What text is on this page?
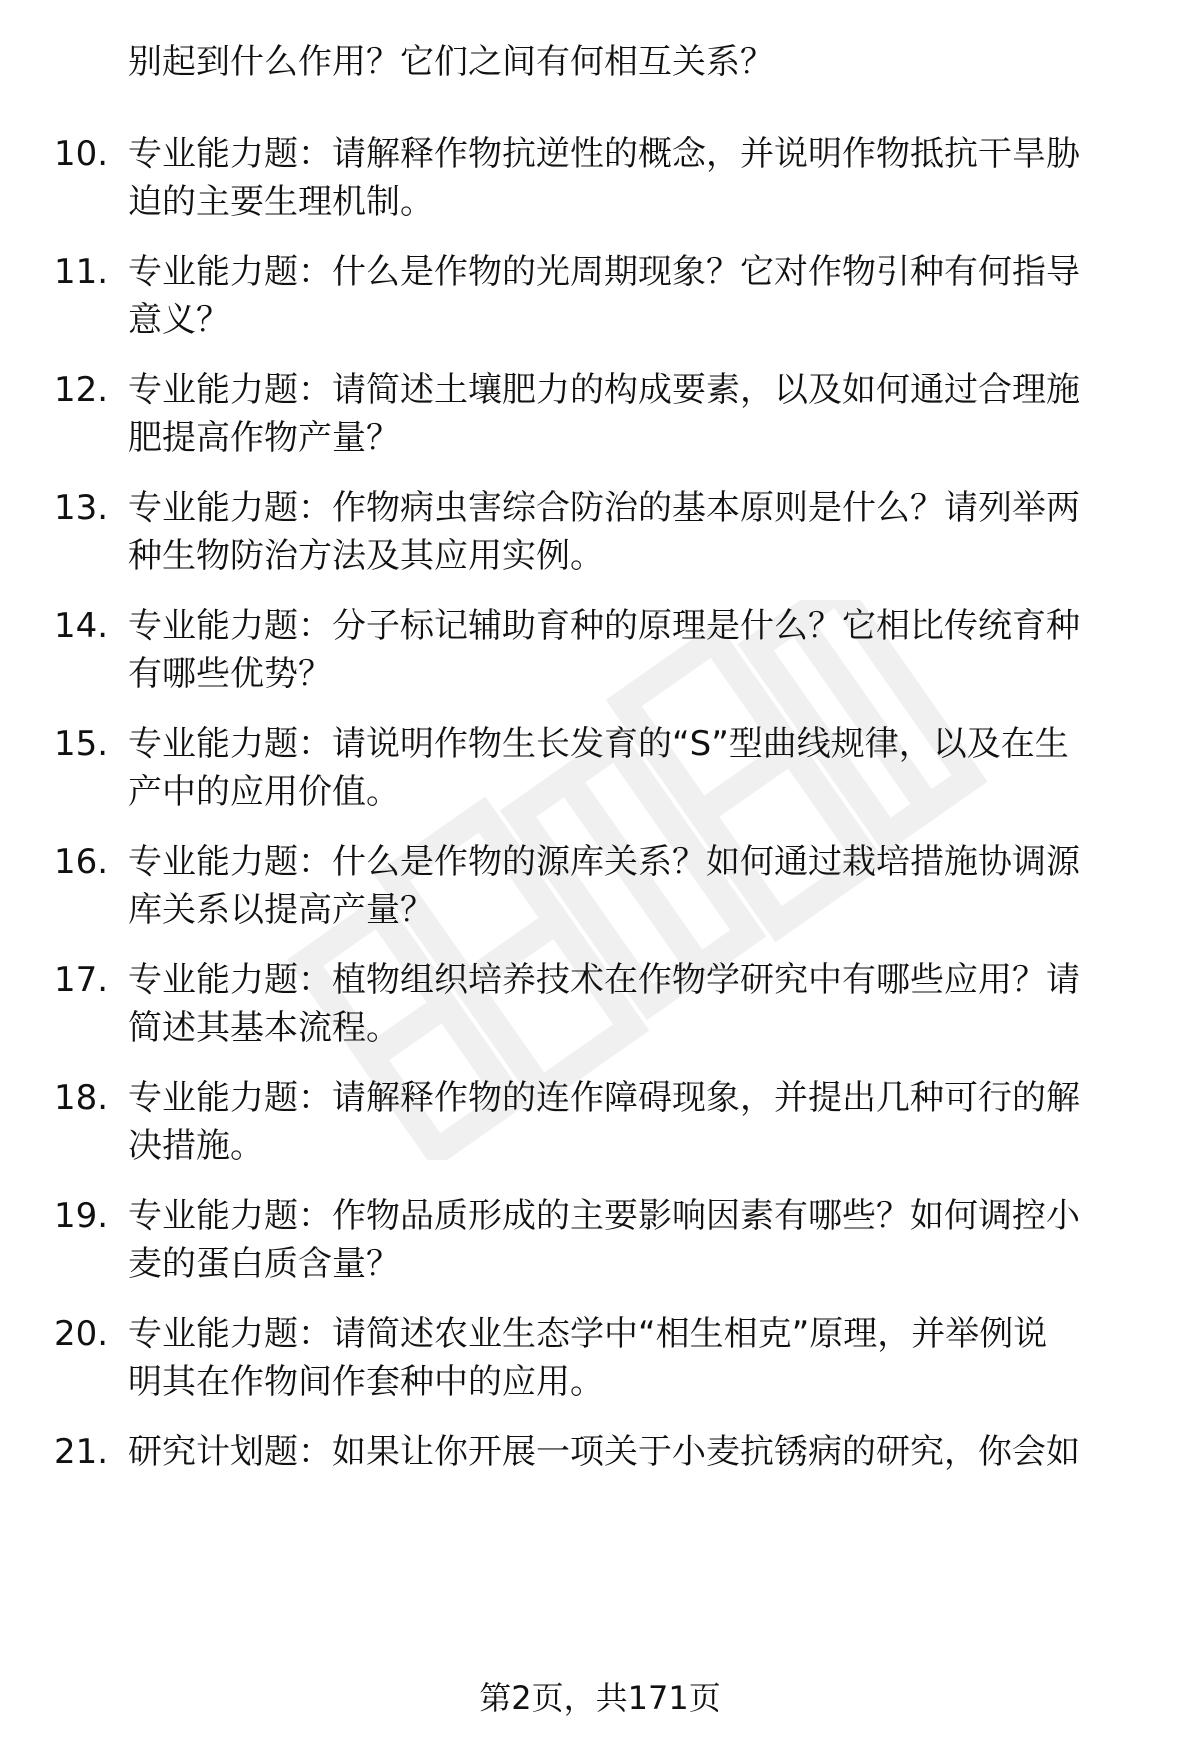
别起到什么作用？它们之间有何相互关系？
10. 专业能力题：请解释作物抗逆性的概念，并说明作物抵抗干旱胁
迫的主要生理机制。
11. 专业能力题：什么是作物的光周期现象？它对作物引种有何指导
意义？
12. 专业能力题：请简述土壤肥力的构成要素，以及如何通过合理施
肥提高作物产量？
13. 专业能力题：作物病虫害综合防治的基本原则是什么？请列举两
种生物防治方法及其应用实例。
14. 专业能力题：分子标记辅助育种的原理是什么？它相比传统育种
有哪些优势？
15. 专业能力题：请说明作物生长发育的“S”型曲线规律，以及在生
产中的应用价值。
16. 专业能力题：什么是作物的源库关系？如何通过栽培措施协调源
库关系以提高产量？
17. 专业能力题：植物组织培养技术在作物学研究中有哪些应用？请
简述其基本流程。
18. 专业能力题：请解释作物的连作障碍现象，并提出几种可行的解
决措施。
19. 专业能力题：作物品质形成的主要影响因素有哪些？如何调控小
麦的蛋白质含量？
20. 专业能力题：请简述农业生态学中“相生相克”原理，并举例说
明其在作物间作套种中的应用。
21. 研究计划题：如果让你开展一项关于小麦抗锈病的研究，你会如
第2页，共171页
